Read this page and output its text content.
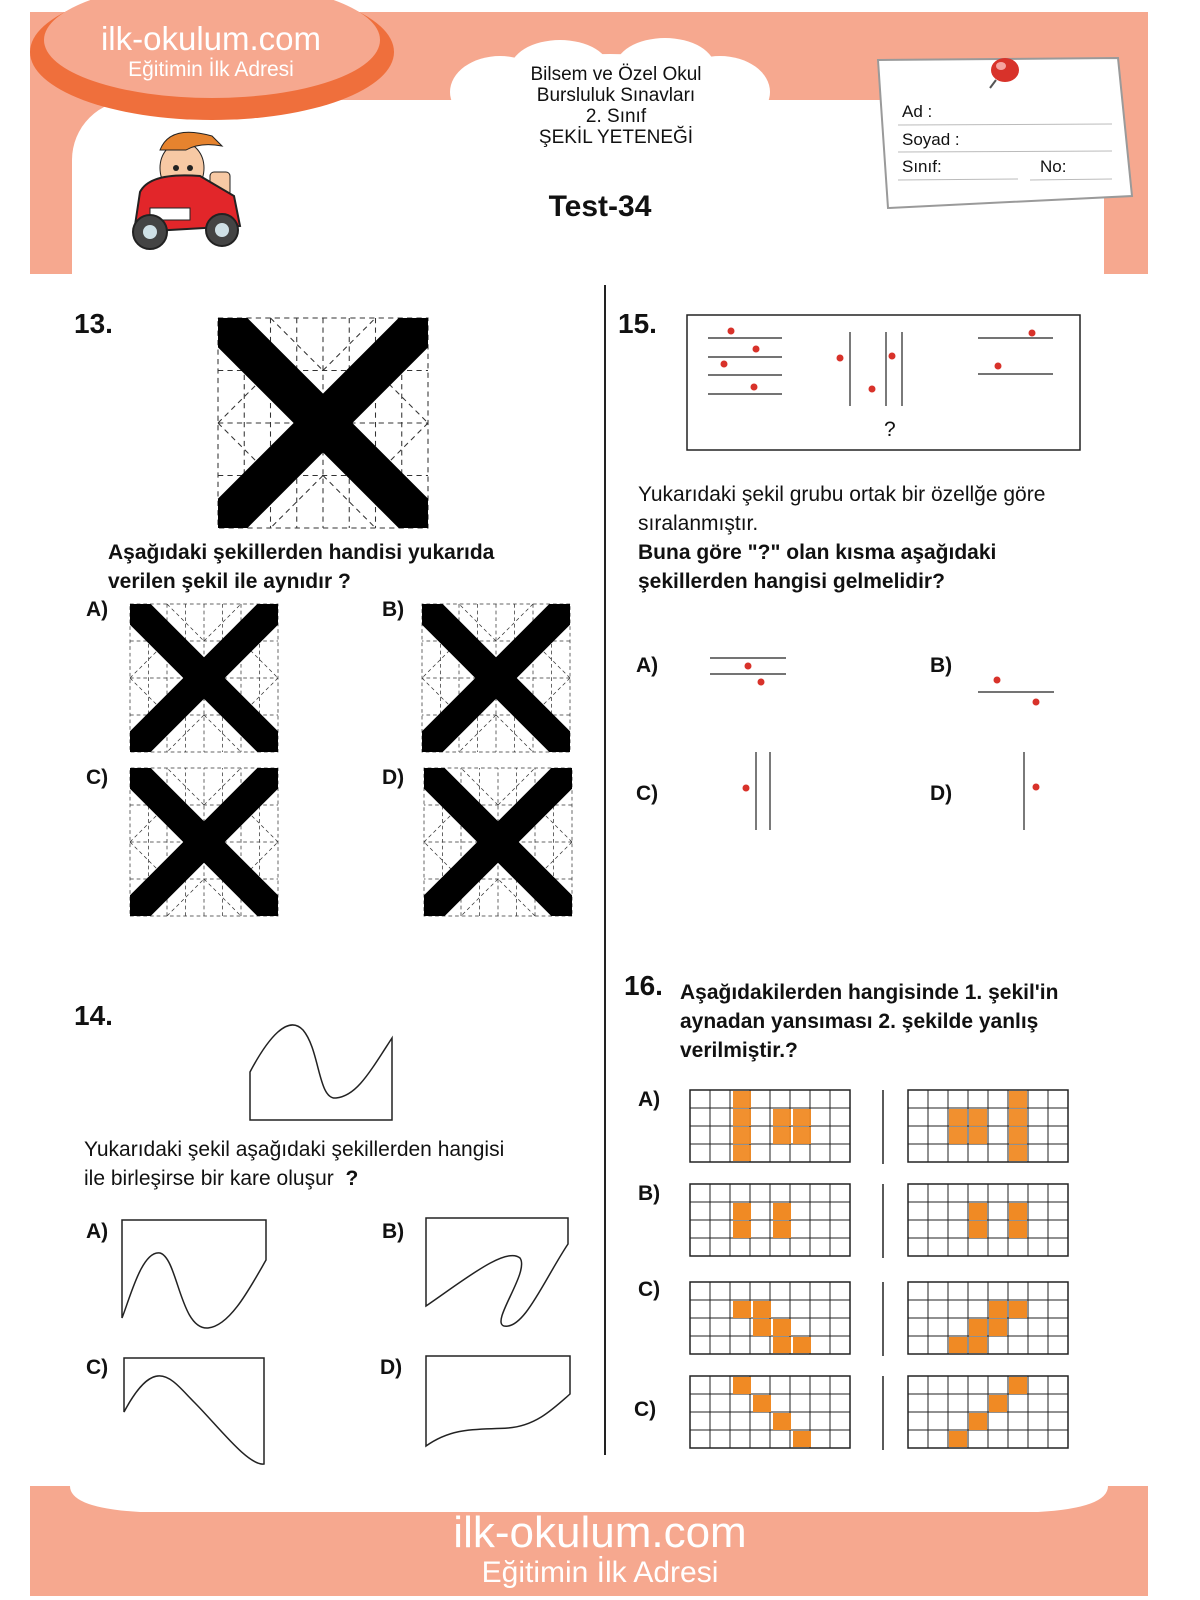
ilk-okulum.com
Eğitimin İlk Adresi	Bilsem ve Özel Okul
Bursluluk Sınavları
2. Sınıf
ŞEKİL YETENEĞİ
Test-34
Ad :
Soyad :
Sınıf:	No:
13.
Aşağıdaki şekillerden handisi yukarıda
verilen şekil ile aynıdır ?
A)	B)
C)	D)
14.
Yukarıdaki şekil aşağıdaki şekillerden hangisi
ile birleşirse bir kare oluşur ?
A)	B)
C)	D)
15.
?
Yukarıdaki şekil grubu ortak bir özellğe göre
sıralanmıştır.
Buna göre "?" olan kısma aşağıdaki
şekillerden hangisi gelmelidir?
A)	B)
C)	D)
16. Aşağıdakilerden hangisinde 1. şekil'in
aynadan yansıması 2. şekilde yanlış
verilmiştir.?
A)
B)
C)
C)
ilk-okulum.com
Eğitimin İlk Adresi
